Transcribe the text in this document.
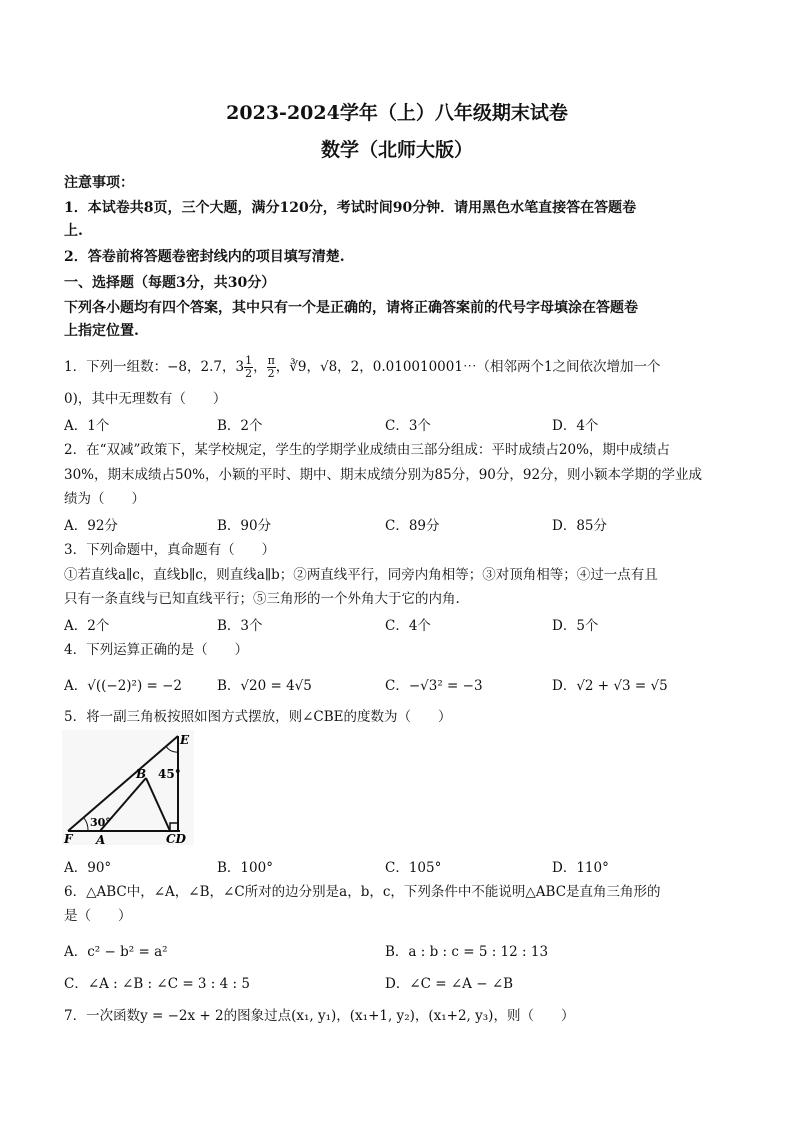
2023-2024学年（上）八年级期末试卷
数学（北师大版）
注意事项：
1．本试卷共8页，三个大题，满分120分，考试时间90分钟．请用黑色水笔直接答在答题卷
上.
2．答卷前将答题卷密封线内的项目填写清楚.
一、选择题（每题3分，共30分）
下列各小题均有四个答案，其中只有一个是正确的，请将正确答案前的代号字母填涂在答题卷
上指定位置.
1．下列一组数：−8，2.7，$3 \frac{1}{2}$ ， $\frac{\pi}{2}$ ，∛9，√8，2，0.010010001⋯（相邻两个1之间依次增加一个
0)，其中无理数有（　　）
A．1个	B．2个	C．3个	D．4个
2．在“双减”政策下，某学校规定，学生的学期学业成绩由三部分组成：平时成绩占20%，期中成绩占
30%，期末成绩占50%，小颖的平时、期中、期末成绩分别为85分，90分，92分，则小颖本学期的学业成
绩为（　　）
A．92分	B．90分	C．89分	D．85分
3．下列命题中，真命题有（　　）
①若直线a∥c，直线b∥c，则直线a∥b；②两直线平行，同旁内角相等；③对顶角相等；④过一点有且
只有一条直线与已知直线平行；⑤三角形的一个外角大于它的内角.
A．2个	B．3个	C．4个	D．5个
4．下列运算正确的是（　　）
A．√((−2)²) = −2	B．√20 = 4√5	C．−√3² = −3	D．√2 + √3 = √5
5．将一副三角板按照如图方式摆放，则∠CBE的度数为（　　）
E
B 45°
30°
F A	CD
A．90°	B．100°	C．105°	D．110°
6．△ABC中，∠A，∠B，∠C所对的边分别是a，b，c，下列条件中不能说明△ABC是直角三角形的
是（　　）
A．c² − b² = a²	B．a : b : c = 5 : 12 : 13
C．∠A : ∠B : ∠C = 3 : 4 : 5	D．∠C = ∠A − ∠B
7．一次函数y = −2x + 2的图象过点(x₁, y₁)，(x₁+1, y₂)，(x₁+2, y₃)，则（　　）
